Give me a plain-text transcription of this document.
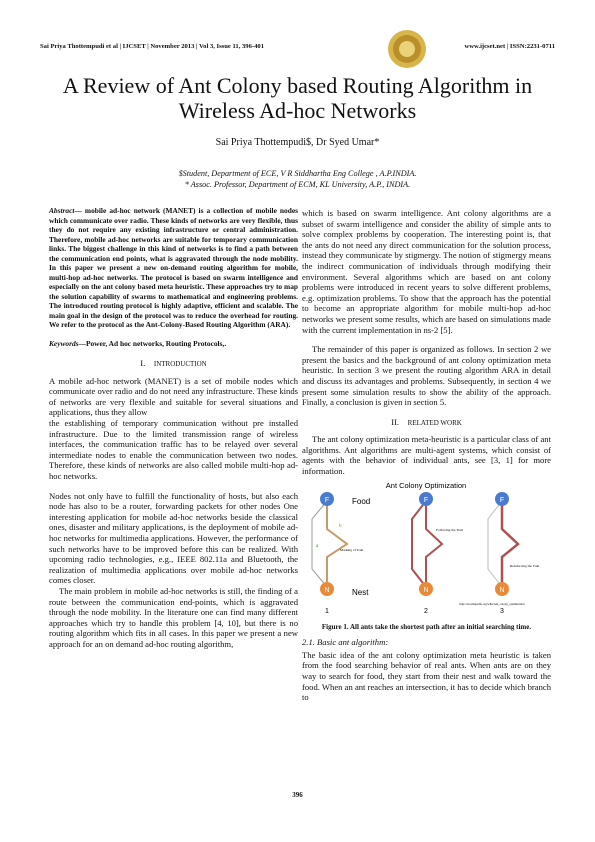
Sai Priya Thottempudi et al | IJCSET | November 2013 | Vol 3, Issue 11, 396-401	www.ijcset.net | ISSN:2231-0711
A Review of Ant Colony based Routing Algorithm in Wireless Ad-hoc Networks
Sai Priya Thottempudi$, Dr Syed Umar*
$Student, Department of ECE, V R Siddhartha Eng College , A.P.INDIA.
* Assoc. Professor, Department of ECM, KL University, A.P., INDIA.

Abstract— mobile ad-hoc network (MANET) is a collection of mobile nodes which communicate over radio. These kinds of networks are very flexible, thus they do not require any existing infrastructure or central administration. Therefore, mobile ad-hoc networks are suitable for temporary communication links. The biggest challenge in this kind of networks is to find a path between the communication end points, what is aggravated through the node mobility. In this paper we present a new on-demand routing algorithm for mobile, multi-hop ad-hoc networks. The protocol is based on swarm intelligence and especially on the ant colony based meta heuristic. These approaches try to map the solution capability of swarms to mathematical and engineering problems. The introduced routing protocol is highly adaptive, efficient and scalable. The main goal in the design of the protocol was to reduce the overhead for routing. We refer to the protocol as the Ant-Colony-Based Routing Algorithm (ARA).

Keywords—Power, Ad hoc networks, Routing Protocols,.

I. INTRODUCTION

A mobile ad-hoc network (MANET) is a set of mobile nodes which communicate over radio and do not need any infrastructure. These kinds of networks are very flexible and suitable for several situations and applications, thus they allow

the establishing of temporary communication without pre installed infrastructure. Due to the limited transmission range of wireless interfaces, the communication traffic has to be relayed over several intermediate nodes to enable the communication between two nodes. Therefore, these kinds of networks are also called mobile multi-hop ad-hoc networks.

Nodes not only have to fulfill the functionality of hosts, but also each node has also to be a router, forwarding packets for other nodes One interesting application for mobile ad-hoc networks beside the classical ones, disaster and military applications, is the deployment of mobile ad-hoc networks for multimedia applications. However, the performance of such networks have to be improved before this can be realized. With upcoming radio technologies, e.g., IEEE 802.11a and Bluetooth, the realization of multimedia applications over mobile ad-hoc networks comes closer.

The main problem in mobile ad-hoc networks is still, the finding of a route between the communication end-points, which is aggravated through the node mobility. In the literature one can find many different approaches which try to handle this problem [4, 10], but there is no routing algorithm which fits in all cases. In this paper we present a new approach for an on demand ad-hoc routing algorithm,

which is based on swarm intelligence. Ant colony algorithms are a subset of swarm intelligence and consider the ability of simple ants to solve complex problems by cooperation. The interesting point is, that the ants do not need any direct communication for the solution process, instead they communicate by stigmergy. The notion of stigmergy means the indirect communication of individuals through modifying their environment. Several algorithms which are based on ant colony problems were introduced in recent years to solve different problems, e.g. optimization problems. To show that the approach has the potential to become an appropriate algorithm for mobile multi-hop ad-hoc networks we present some results, which are based on simulations made with the current implementation in ns-2 [5].

The remainder of this paper is organized as follows. In section 2 we present the basics and the background of ant colony optimization meta heuristic. In section 3 we present the routing algorithm ARA in detail and discuss its advantages and problems. Subsequently, in section 4 we present some simulation results to show the ability of the approach. Finally, a conclusion is given in section 5.

II. RELATED WORK

The ant colony optimization meta-heuristic is a particular class of ant algorithms. Ant algorithms are multi-agent systems, which consist of agents with the behavior of individual ants, see [3, 1] for more information.

Ant Colony Optimization
F
N
Food
Nest
a
b
Marking of Trail
1
F
N
Following the Trail
2
F
N
Reinforcing the Trail
3
http://en.wikipedia.org/wiki/Ant_colony_optimization
Figure 1. All ants take the shortest path after an initial searching time.
2.1. Basic ant algorithm:

The basic idea of the ant colony optimization meta heuristic is taken from the food searching behavior of real ants. When ants are on they way to search for food, they start from their nest and walk toward the food. When an ant reaches an intersection, it has to decide which branch to

396
